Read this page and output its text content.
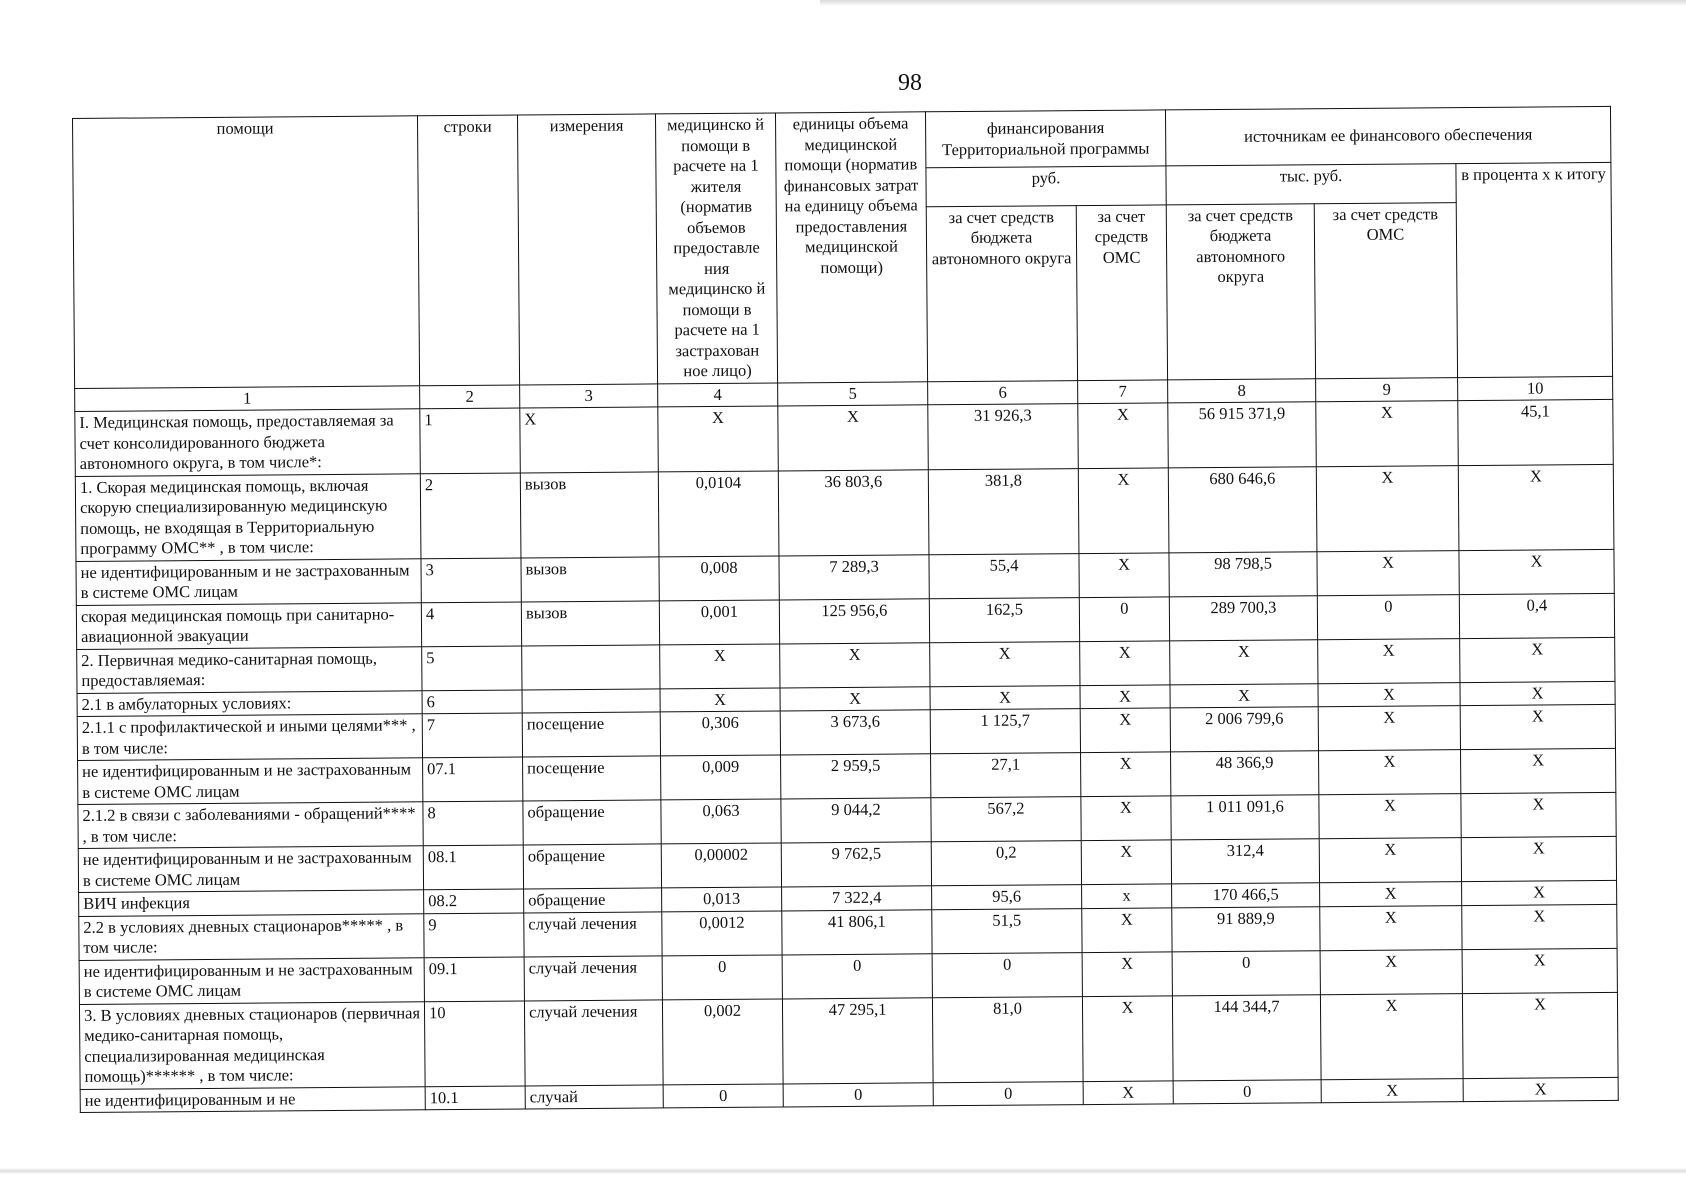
98
помощи	строки	измерения	медицинско й помощи в расчете на 1 жителя (норматив объемов предоставле ния медицинско й помощи в расчете на 1 застрахован ное лицо)	единицы объема медицинской помощи (норматив финансовых затрат на единицу объема предоставления медицинской помощи)	финансирования Территориальной программы		источникам ее финансового обеспечения		
					руб.		тыс. руб.		в процента х к итогу
					за счет средств бюджета автономного округа	за счет средств ОМС	за счет средств бюджета автономного округа	за счет средств ОМС	
1	2	3	4	5	6	7	8	9	10
I. Медицинская помощь, предоставляемая за счет консолидированного бюджета автономного округа, в том числе*:	1	Х	Х	Х	31 926,3	Х	56 915 371,9	Х	45,1
1. Скорая медицинская помощь, включая скорую специализированную медицинскую помощь, не входящая в Территориальную программу ОМС** , в том числе:	2	вызов	0,0104	36 803,6	381,8	Х	680 646,6	Х	Х
не идентифицированным и не застрахованным в системе ОМС лицам	3	вызов	0,008	7 289,3	55,4	Х	98 798,5	Х	Х
скорая медицинская помощь при санитарно-авиационной эвакуации	4	вызов	0,001	125 956,6	162,5	0	289 700,3	0	0,4
2. Первичная медико-санитарная помощь, предоставляемая:	5		Х	Х	Х	Х	Х	Х	Х
2.1 в амбулаторных условиях:	6		Х	Х	Х	Х	Х	Х	Х
2.1.1 с профилактической и иными целями*** , в том числе:	7	посещение	0,306	3 673,6	1 125,7	Х	2 006 799,6	Х	Х
не идентифицированным и не застрахованным в системе ОМС лицам	07.1	посещение	0,009	2 959,5	27,1	Х	48 366,9	Х	Х
2.1.2 в связи с заболеваниями - обращений**** , в том числе:	8	обращение	0,063	9 044,2	567,2	Х	1 011 091,6	Х	Х
не идентифицированным и не застрахованным в системе ОМС лицам	08.1	обращение	0,00002	9 762,5	0,2	Х	312,4	Х	Х
ВИЧ инфекция	08.2	обращение	0,013	7 322,4	95,6	х	170 466,5	Х	Х
2.2 в условиях дневных стационаров***** , в том числе:	9	случай лечения	0,0012	41 806,1	51,5	Х	91 889,9	Х	Х
не идентифицированным и не застрахованным в системе ОМС лицам	09.1	случай лечения	0	0	0	Х	0	Х	Х
3. В условиях дневных стационаров (первичная медико-санитарная помощь, специализированная медицинская помощь)****** , в том числе:	10	случай лечения	0,002	47 295,1	81,0	Х	144 344,7	Х	Х
не идентифицированным и не	10.1	случай	0	0	0	Х	0	Х	Х
